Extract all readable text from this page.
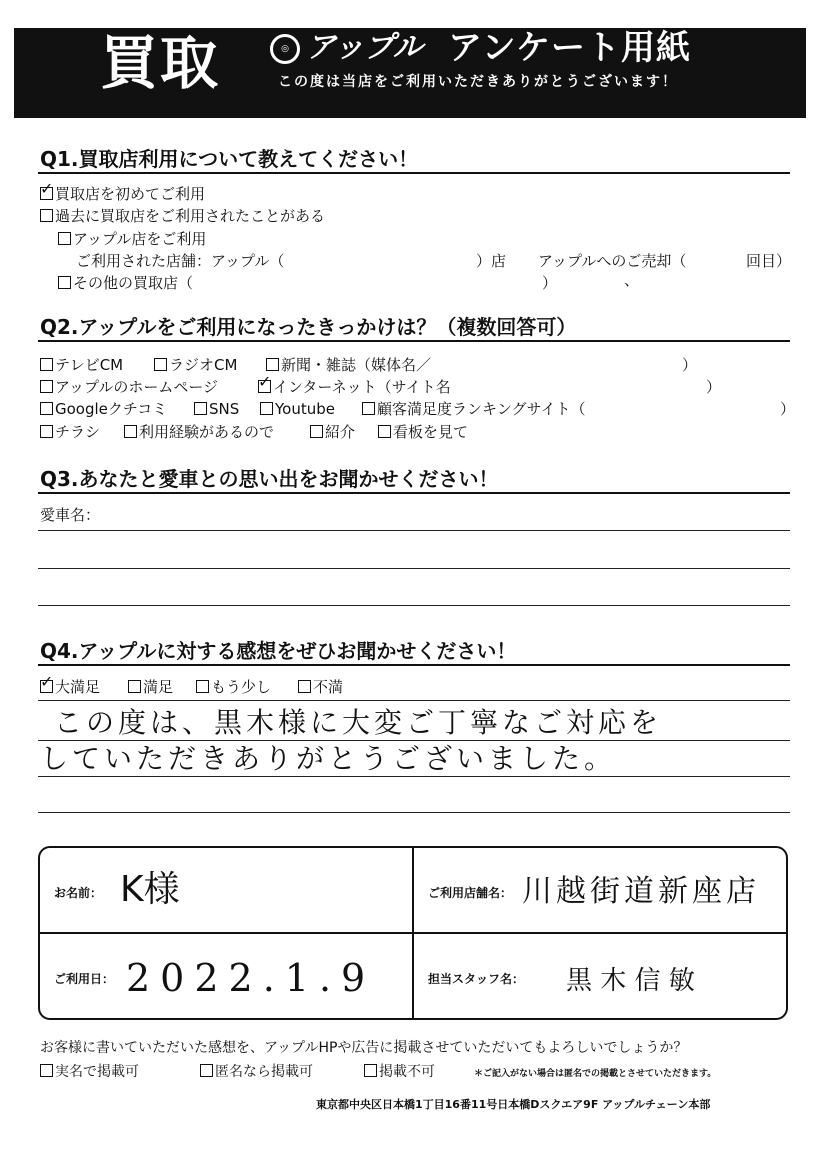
買取	◎ アップル アンケート用紙
この度は当店をご利用いただきありがとうございます！
Q1.買取店利用について教えてください！
✓買取店を初めてご利用
過去に買取店をご利用されたことがある
アップル店をご利用
ご利用された店舗：アップル（	）店 アップルへのご売却（	回目）
その他の買取店（	）	、
Q2.アップルをご利用になったきっかけは？（複数回答可）
テレビCM	ラジオCM	新聞・雑誌（媒体名／	）
アップルのホームページ
✓	インターネット（サイト名	）
Googleクチコミ	SNS	Youtube	顧客満足度ランキングサイト（	）
チラシ	利用経験があるので	紹介	看板を見て
Q3.あなたと愛車との思い出をお聞かせください！
愛車名：
Q4.アップルに対する感想をぜひお聞かせください！
✓大満足	満足	もう少し	不満
この度は、黒木様に大変ご丁寧なご対応を
していただきありがとうございました。
お名前： K様	ご利用店舗名： 川越街道新座店
ご利用日： 2022.1.9	担当スタッフ名： 黒 木 信 敏
お客様に書いていただいた感想を、アップルHPや広告に掲載させていただいてもよろしいでしょうか？
実名で掲載可	匿名なら掲載可	掲載不可	＊ご記入がない場合は匿名での掲載とさせていただきます。
東京都中央区日本橋1丁目16番11号日本橋Dスクエア9F アップルチェーン本部
